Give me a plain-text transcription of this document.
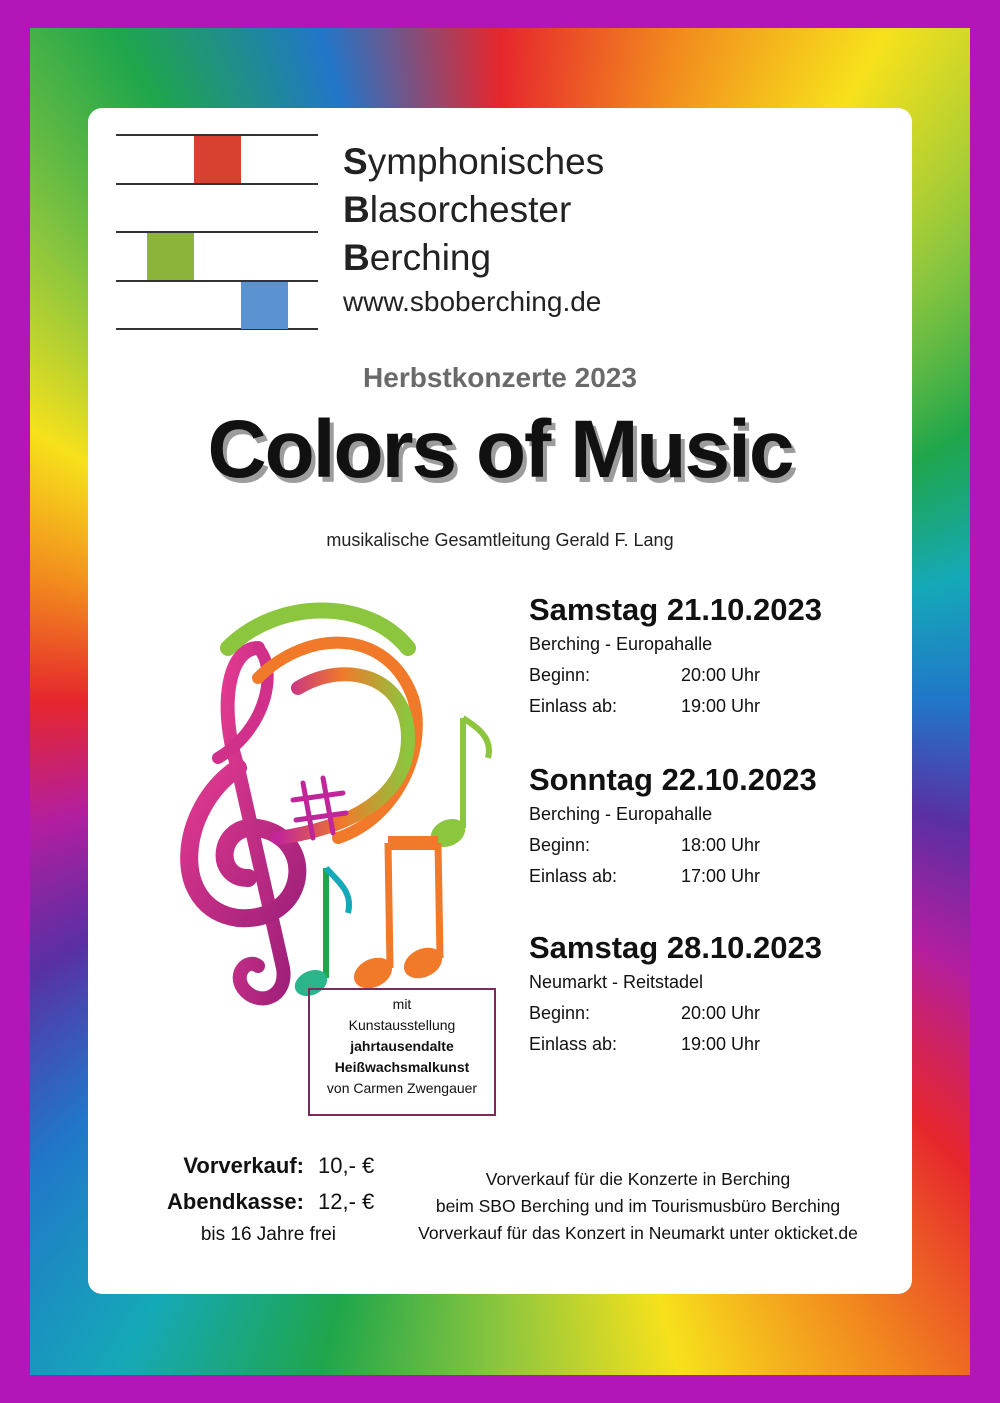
Symphonisches
Blasorchester
Berching
www.sboberching.de
Herbstkonzerte 2023
Colors of Music
musikalische Gesamtleitung Gerald F. Lang
Samstag 21.10.2023
Berching - Europahalle
Beginn:	20:00 Uhr
Einlass ab:	19:00 Uhr
Sonntag 22.10.2023
Berching - Europahalle
Beginn:	18:00 Uhr
Einlass ab:	17:00 Uhr
Samstag 28.10.2023
Neumarkt - Reitstadel
Beginn:	20:00 Uhr
Einlass ab:	19:00 Uhr
mit
Kunstausstellung
jahrtausendalte
Heißwachsmalkunst
von Carmen Zwengauer
Vorverkauf: 10,- €
Abendkasse: 12,- €
bis 16 Jahre frei
Vorverkauf für die Konzerte in Berching
beim SBO Berching und im Tourismusbüro Berching
Vorverkauf für das Konzert in Neumarkt unter okticket.de
